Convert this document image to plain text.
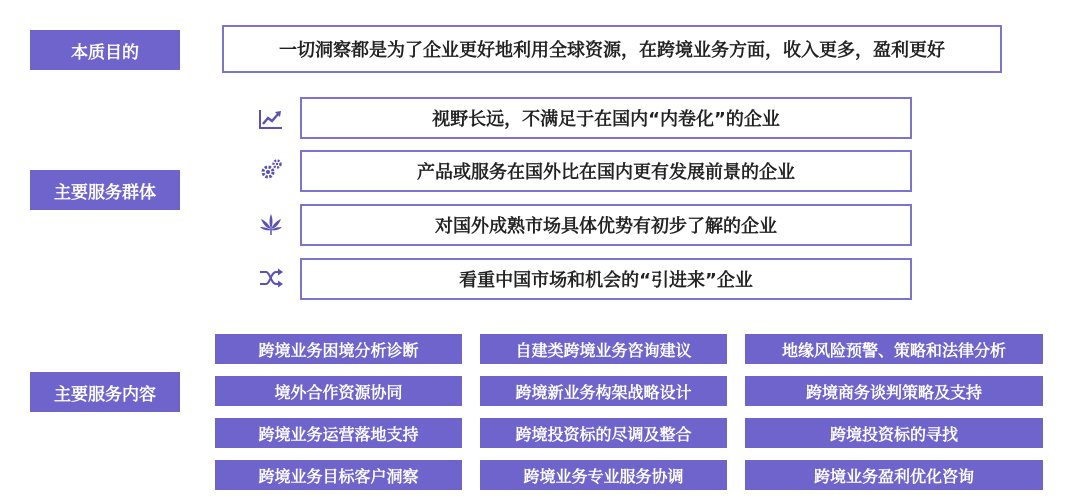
本质目的	一切洞察都是为了企业更好地利用全球资源，在跨境业务方面，收入更多，盈利更好
主要服务群体
视野长远，不满足于在国内“内卷化”的企业
产品或服务在国外比在国内更有发展前景的企业
对国外成熟市场具体优势有初步了解的企业
看重中国市场和机会的“引进来”企业
主要服务内容
跨境业务困境分析诊断
境外合作资源协同
跨境业务运营落地支持
跨境业务目标客户洞察
自建类跨境业务咨询建议
跨境新业务构架战略设计
跨境投资标的尽调及整合
跨境业务专业服务协调
地缘风险预警、策略和法律分析
跨境商务谈判策略及支持
跨境投资标的寻找
跨境业务盈利优化咨询
